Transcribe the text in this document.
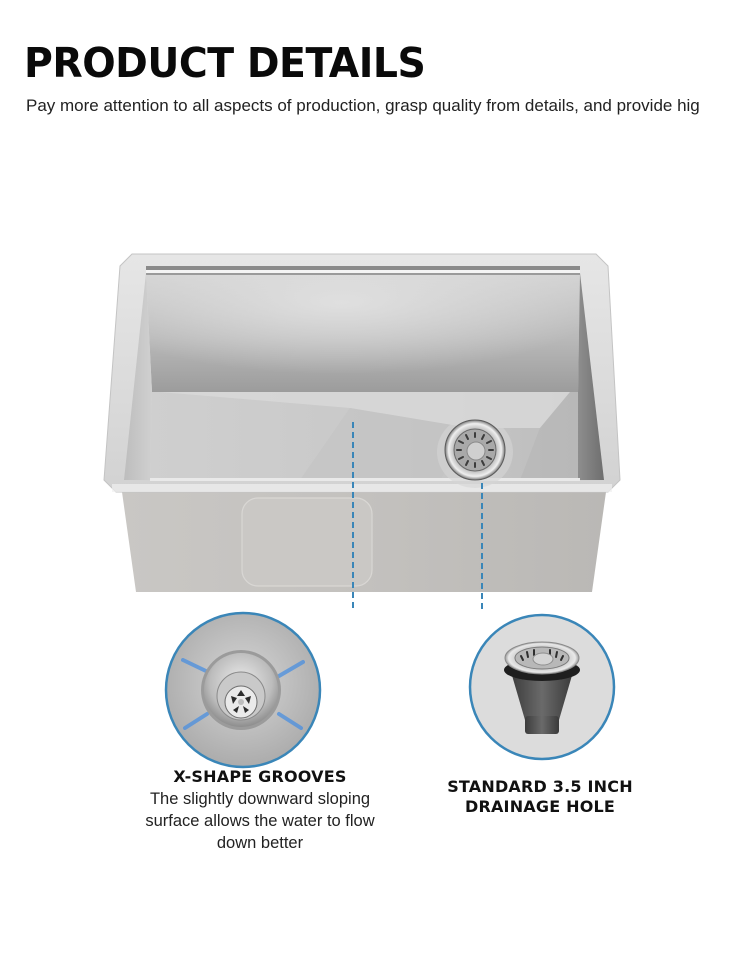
PRODUCT DETAILS

Pay more attention to all aspects of production, grasp quality from details, and provide hig

X-SHAPE GROOVES
The slightly downward sloping
surface allows the water to flow
down better
STANDARD 3.5 INCH
DRAINAGE HOLE
